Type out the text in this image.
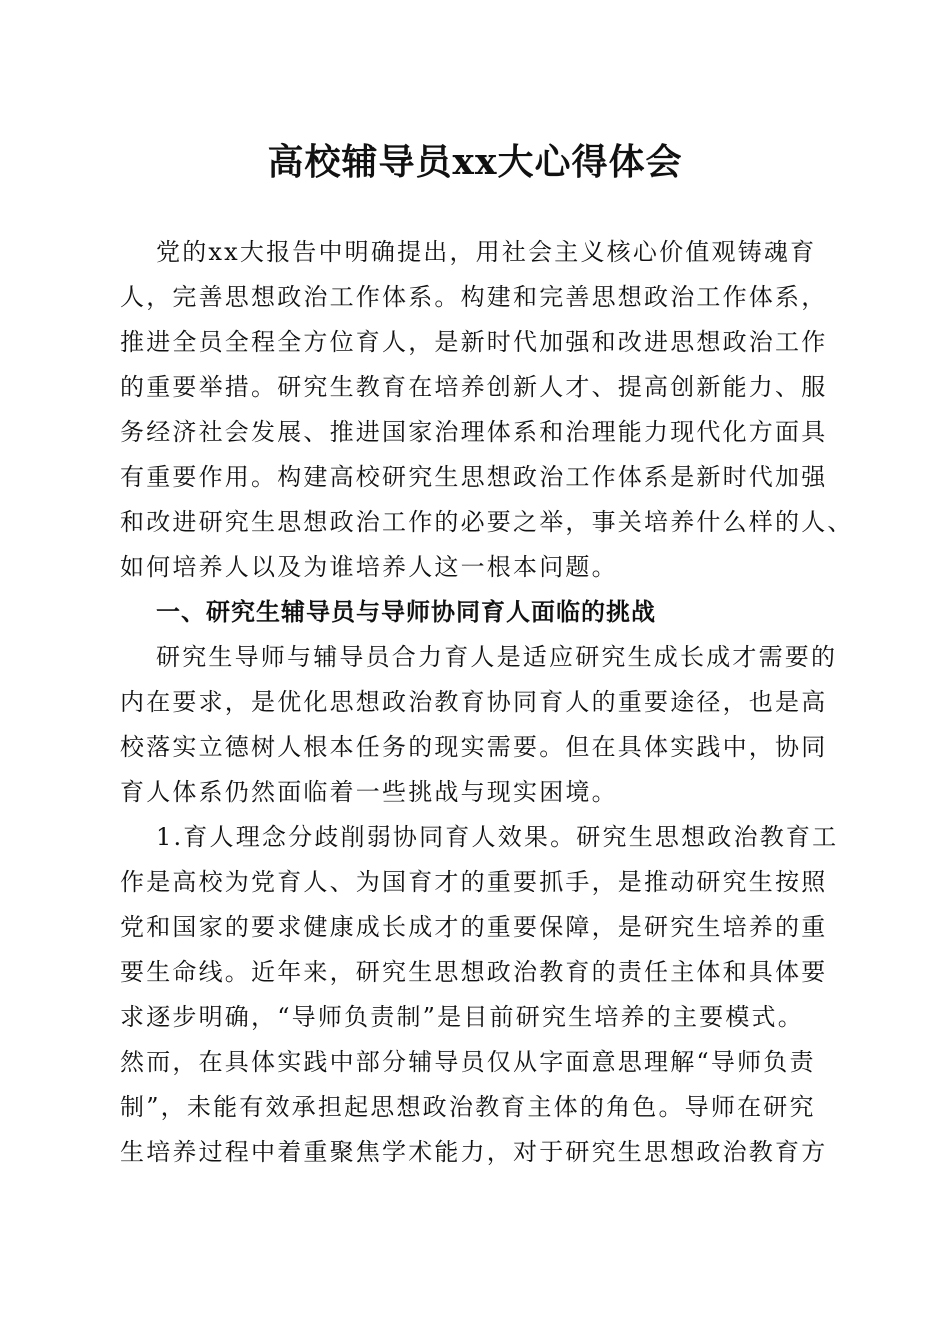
高校辅导员xx大心得体会

党的xx大报告中明确提出，用社会主义核心价值观铸魂育

人，完善思想政治工作体系。构建和完善思想政治工作体系，

推进全员全程全方位育人，是新时代加强和改进思想政治工作

的重要举措。研究生教育在培养创新人才、提高创新能力、服

务经济社会发展、推进国家治理体系和治理能力现代化方面具

有重要作用。构建高校研究生思想政治工作体系是新时代加强

和改进研究生思想政治工作的必要之举，事关培养什么样的人、

如何培养人以及为谁培养人这一根本问题。

一、研究生辅导员与导师协同育人面临的挑战

研究生导师与辅导员合力育人是适应研究生成长成才需要的

内在要求，是优化思想政治教育协同育人的重要途径，也是高

校落实立德树人根本任务的现实需要。但在具体实践中，协同

育人体系仍然面临着一些挑战与现实困境。

1.育人理念分歧削弱协同育人效果。研究生思想政治教育工

作是高校为党育人、为国育才的重要抓手，是推动研究生按照

党和国家的要求健康成长成才的重要保障，是研究生培养的重

要生命线。近年来，研究生思想政治教育的责任主体和具体要

求逐步明确，“导师负责制”是目前研究生培养的主要模式。

然而，在具体实践中部分辅导员仅从字面意思理解“导师负责

制”，未能有效承担起思想政治教育主体的角色。导师在研究

生培养过程中着重聚焦学术能力，对于研究生思想政治教育方
